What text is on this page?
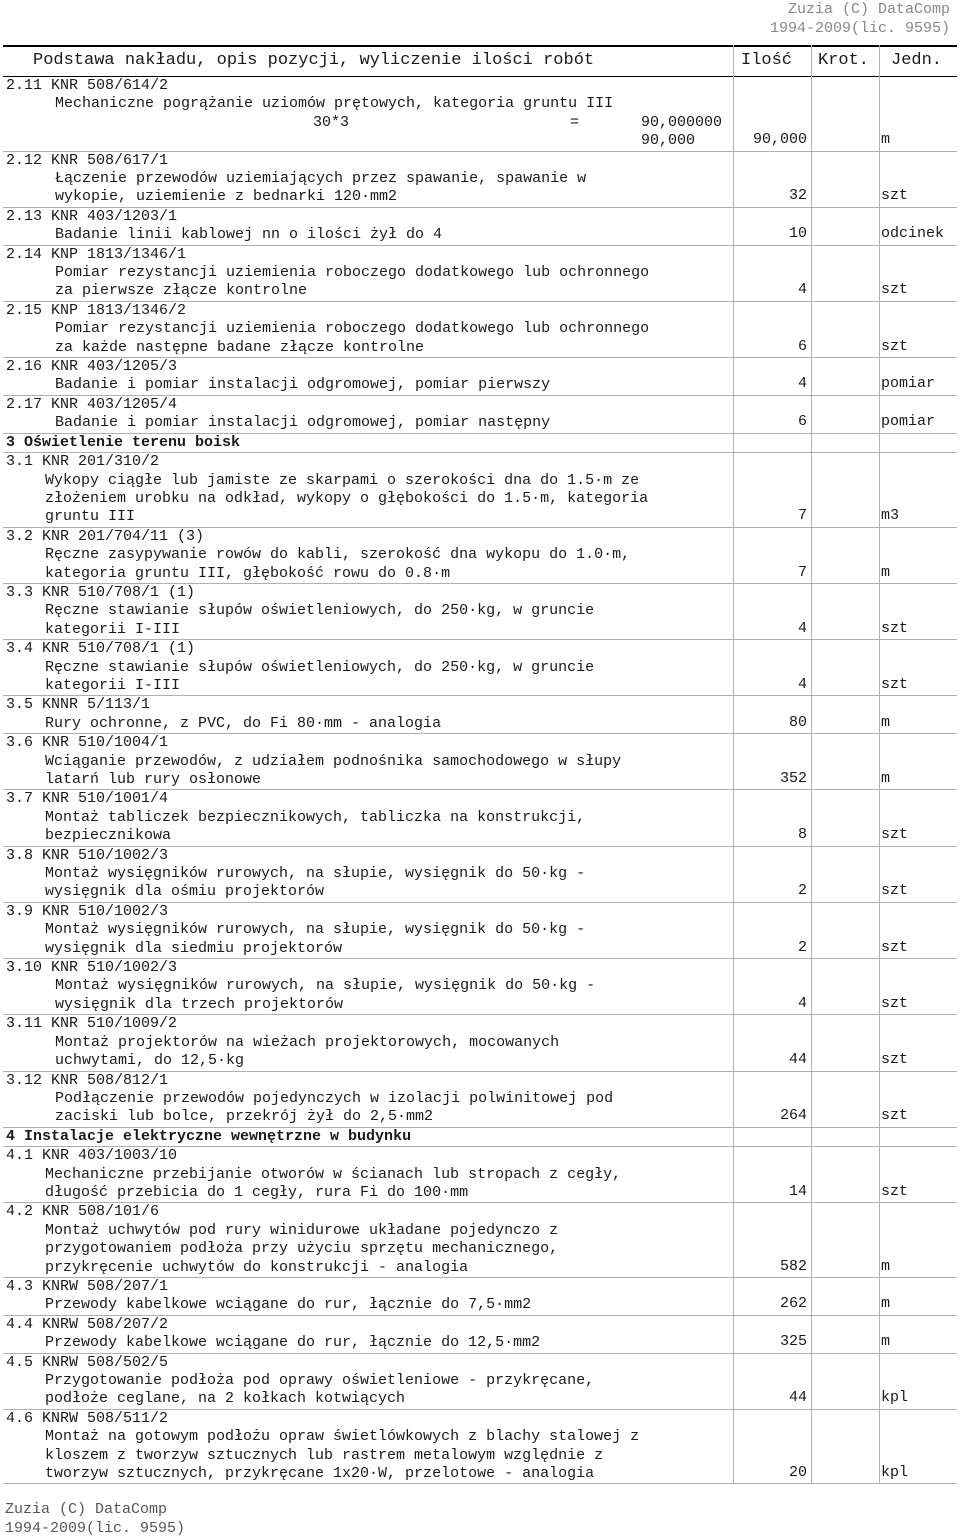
Zuzia (C) DataComp
1994-2009(lic. 9595)
Podstawa nakładu, opis pozycji, wyliczenie ilości robót	Ilość Krot. Jedn.
2.11 KNR 508/614/2
Mechaniczne pogrążanie uziomów prętowych, kategoria gruntu III
30*3	=	90,000000
90,000	90,000	m
2.12 KNR 508/617/1
Łączenie przewodów uziemiających przez spawanie, spawanie w
wykopie, uziemienie z bednarki 120·mm2	32	szt
2.13 KNR 403/1203/1
Badanie linii kablowej nn o ilości żył do 4	10	odcinek
2.14 KNP 1813/1346/1
Pomiar rezystancji uziemienia roboczego dodatkowego lub ochronnego
za pierwsze złącze kontrolne	4	szt
2.15 KNP 1813/1346/2
Pomiar rezystancji uziemienia roboczego dodatkowego lub ochronnego
za każde następne badane złącze kontrolne	6	szt
2.16 KNR 403/1205/3
Badanie i pomiar instalacji odgromowej, pomiar pierwszy	4	pomiar
2.17 KNR 403/1205/4
Badanie i pomiar instalacji odgromowej, pomiar następny	6	pomiar
3 Oświetlenie terenu boisk
3.1 KNR 201/310/2
Wykopy ciągłe lub jamiste ze skarpami o szerokości dna do 1.5·m ze
złożeniem urobku na odkład, wykopy o głębokości do 1.5·m, kategoria
gruntu III	7	m3
3.2 KNR 201/704/11 (3)
Ręczne zasypywanie rowów do kabli, szerokość dna wykopu do 1.0·m,
kategoria gruntu III, głębokość rowu do 0.8·m	7	m
3.3 KNR 510/708/1 (1)
Ręczne stawianie słupów oświetleniowych, do 250·kg, w gruncie
kategorii I-III	4	szt
3.4 KNR 510/708/1 (1)
Ręczne stawianie słupów oświetleniowych, do 250·kg, w gruncie
kategorii I-III	4	szt
3.5 KNNR 5/113/1
Rury ochronne, z PVC, do Fi 80·mm - analogia	80	m
3.6 KNR 510/1004/1
Wciąganie przewodów, z udziałem podnośnika samochodowego w słupy
latarń lub rury osłonowe	352	m
3.7 KNR 510/1001/4
Montaż tabliczek bezpiecznikowych, tabliczka na konstrukcji,
bezpiecznikowa	8	szt
3.8 KNR 510/1002/3
Montaż wysięgników rurowych, na słupie, wysięgnik do 50·kg -
wysięgnik dla ośmiu projektorów	2	szt
3.9 KNR 510/1002/3
Montaż wysięgników rurowych, na słupie, wysięgnik do 50·kg -
wysięgnik dla siedmiu projektorów	2	szt
3.10 KNR 510/1002/3
Montaż wysięgników rurowych, na słupie, wysięgnik do 50·kg -
wysięgnik dla trzech projektorów	4	szt
3.11 KNR 510/1009/2
Montaż projektorów na wieżach projektorowych, mocowanych
uchwytami, do 12,5·kg	44	szt
3.12 KNR 508/812/1
Podłączenie przewodów pojedynczych w izolacji polwinitowej pod
zaciski lub bolce, przekrój żył do 2,5·mm2	264	szt
4 Instalacje elektryczne wewnętrzne w budynku
4.1 KNR 403/1003/10
Mechaniczne przebijanie otworów w ścianach lub stropach z cegły,
długość przebicia do 1 cegły, rura Fi do 100·mm	14	szt
4.2 KNR 508/101/6
Montaż uchwytów pod rury winidurowe układane pojedynczo z
przygotowaniem podłoża przy użyciu sprzętu mechanicznego,
przykręcenie uchwytów do konstrukcji - analogia	582	m
4.3 KNRW 508/207/1
Przewody kabelkowe wciągane do rur, łącznie do 7,5·mm2	262	m
4.4 KNRW 508/207/2
Przewody kabelkowe wciągane do rur, łącznie do 12,5·mm2	325	m
4.5 KNRW 508/502/5
Przygotowanie podłoża pod oprawy oświetleniowe - przykręcane,
podłoże ceglane, na 2 kołkach kotwiących	44	kpl
4.6 KNRW 508/511/2
Montaż na gotowym podłożu opraw świetlówkowych z blachy stalowej z
kloszem z tworzyw sztucznych lub rastrem metalowym względnie z
tworzyw sztucznych, przykręcane 1x20·W, przelotowe - analogia	20	kpl
Zuzia (C) DataComp
1994-2009(lic. 9595)
